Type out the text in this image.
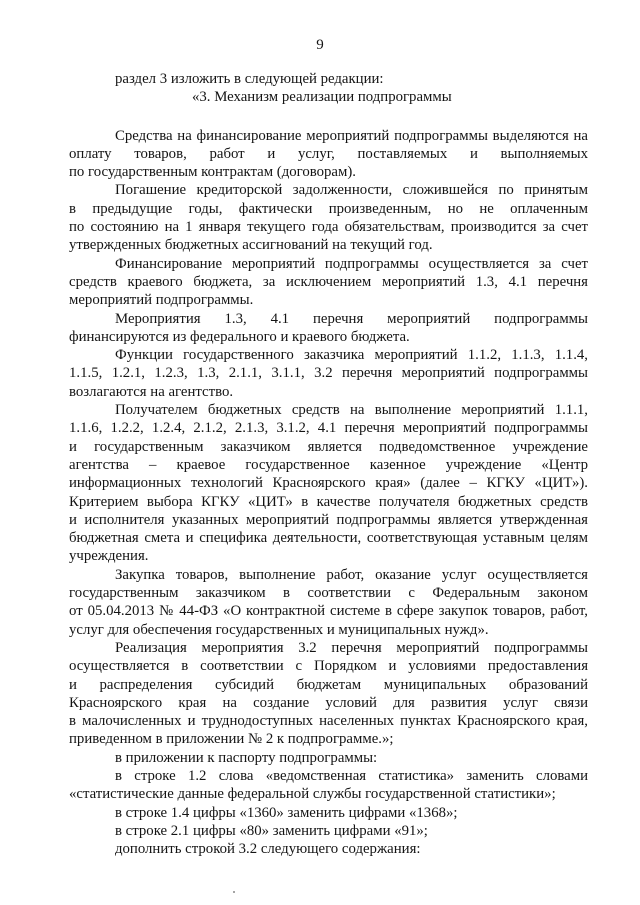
9
раздел 3 изложить в следующей редакции:
«3. Механизм реализации подпрограммы
Средства на финансирование мероприятий подпрограммы выделяются на
оплату товаров, работ и услуг, поставляемых и выполняемых
по государственным контрактам (договорам).
Погашение кредиторской задолженности, сложившейся по принятым
в предыдущие годы, фактически произведенным, но не оплаченным
по состоянию на 1 января текущего года обязательствам, производится за счет
утвержденных бюджетных ассигнований на текущий год.
Финансирование мероприятий подпрограммы осуществляется за счет
средств краевого бюджета, за исключением мероприятий 1.3, 4.1 перечня
мероприятий подпрограммы.
Мероприятия 1.3, 4.1 перечня мероприятий подпрограммы
финансируются из федерального и краевого бюджета.
Функции государственного заказчика мероприятий 1.1.2, 1.1.3, 1.1.4,
1.1.5, 1.2.1, 1.2.3, 1.3, 2.1.1, 3.1.1, 3.2 перечня мероприятий подпрограммы
возлагаются на агентство.
Получателем бюджетных средств на выполнение мероприятий 1.1.1,
1.1.6, 1.2.2, 1.2.4, 2.1.2, 2.1.3, 3.1.2, 4.1 перечня мероприятий подпрограммы
и государственным заказчиком является подведомственное учреждение
агентства – краевое государственное казенное учреждение «Центр
информационных технологий Красноярского края» (далее – КГКУ «ЦИТ»).
Критерием выбора КГКУ «ЦИТ» в качестве получателя бюджетных средств
и исполнителя указанных мероприятий подпрограммы является утвержденная
бюджетная смета и специфика деятельности, соответствующая уставным целям
учреждения.
Закупка товаров, выполнение работ, оказание услуг осуществляется
государственным заказчиком в соответствии с Федеральным законом
от 05.04.2013 № 44-ФЗ «О контрактной системе в сфере закупок товаров, работ,
услуг для обеспечения государственных и муниципальных нужд».
Реализация мероприятия 3.2 перечня мероприятий подпрограммы
осуществляется в соответствии с Порядком и условиями предоставления
и распределения субсидий бюджетам муниципальных образований
Красноярского края на создание условий для развития услуг связи
в малочисленных и труднодоступных населенных пунктах Красноярского края,
приведенном в приложении № 2 к подпрограмме.»;
в приложении к паспорту подпрограммы:
в строке 1.2 слова «ведомственная статистика» заменить словами
«статистические данные федеральной службы государственной статистики»;
в строке 1.4 цифры «1360» заменить цифрами «1368»;
в строке 2.1 цифры «80» заменить цифрами «91»;
дополнить строкой 3.2 следующего содержания:
